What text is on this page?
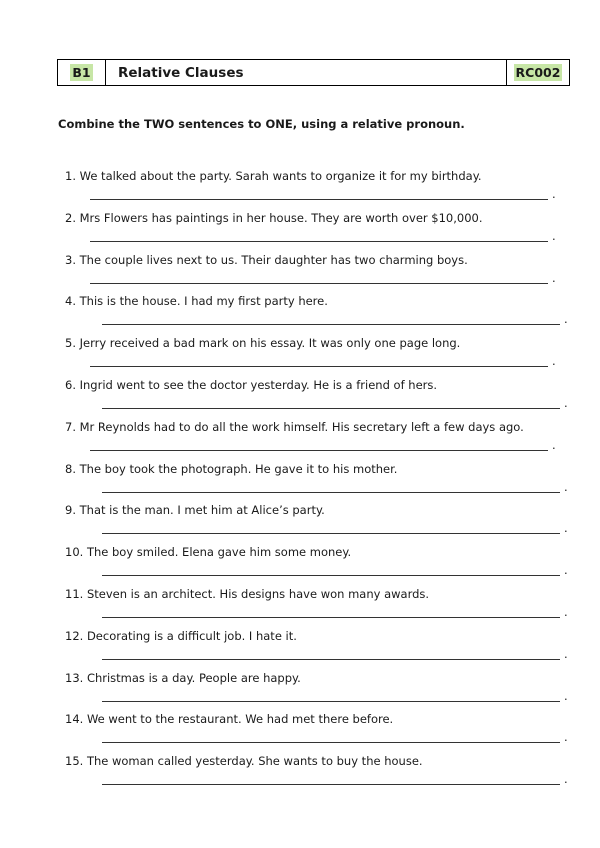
B1 Relative Clauses	RC002
Combine the TWO sentences to ONE, using a relative pronoun.
1. We talked about the party. Sarah wants to organize it for my birthday.
.
2. Mrs Flowers has paintings in her house. They are worth over $10,000.
.
3. The couple lives next to us. Their daughter has two charming boys.
.
4. This is the house. I had my first party here.
.
5. Jerry received a bad mark on his essay. It was only one page long.
.
6. Ingrid went to see the doctor yesterday. He is a friend of hers.
.
7. Mr Reynolds had to do all the work himself. His secretary left a few days ago.
.
8. The boy took the photograph. He gave it to his mother.
.
9. That is the man. I met him at Alice’s party.
.
10. The boy smiled. Elena gave him some money.
.
11. Steven is an architect. His designs have won many awards.
.
12. Decorating is a difficult job. I hate it.
.
13. Christmas is a day. People are happy.
.
14. We went to the restaurant. We had met there before.
.
15. The woman called yesterday. She wants to buy the house.
.
